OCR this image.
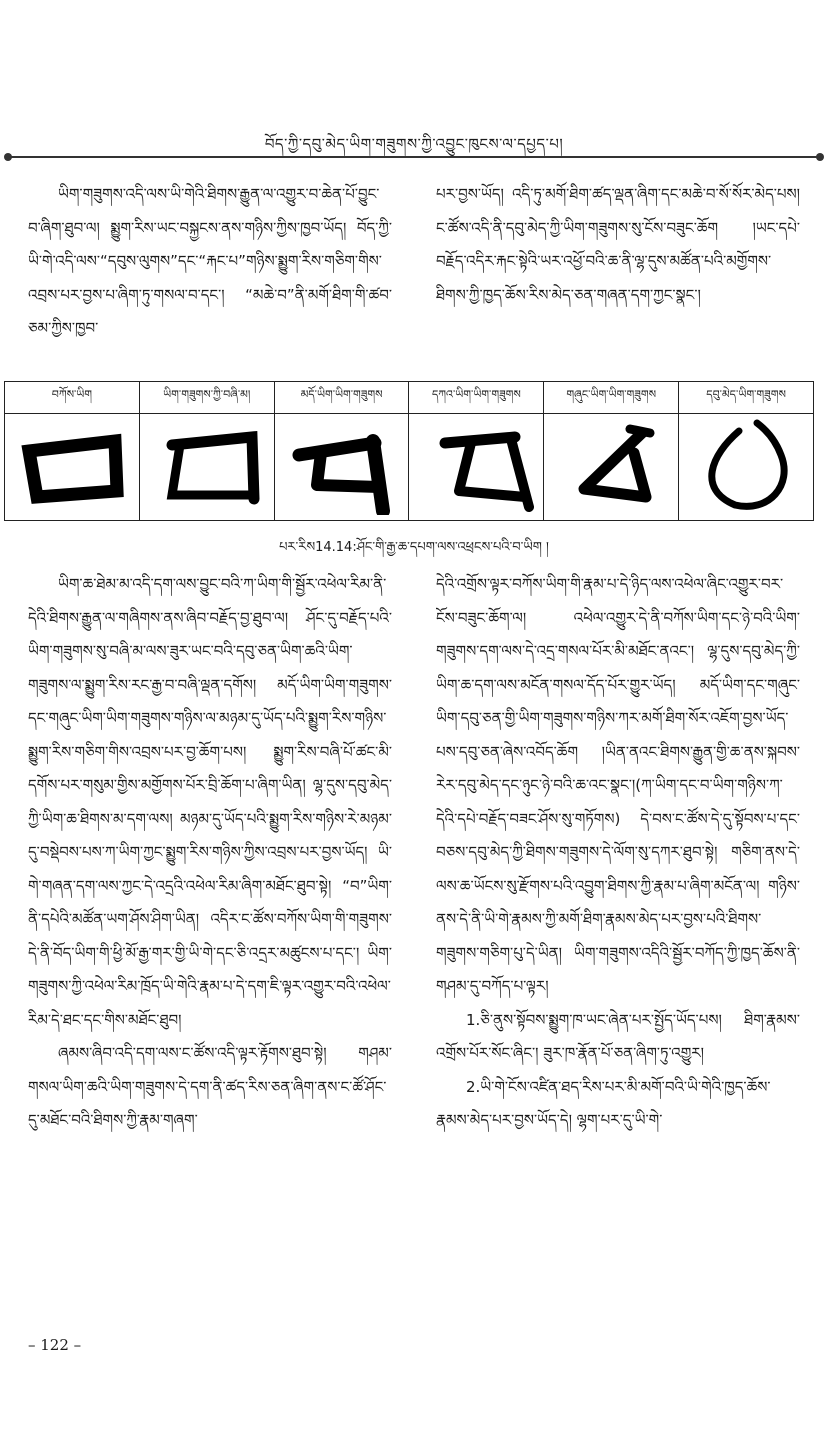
བོད་ཀྱི་དབུ་མེད་ཡིག་གཟུགས་ཀྱི་འབྱུང་ཁུངས་ལ་དཔྱད་པ།

ཡིག་གཟུགས་འདི་ལས་ཡི་གེའི་ཐིགས་རྒྱུན་ལ་འགྱུར་བ་ཆེན་པོ་བྱུང་བ་ཞིག་ཐུབ་ལ། སྨྱུག་རིས་ཡང་བསྐྱངས་ནས་གཉིས་ཀྱིས་ཁྱབ་ཡོད། བོད་ཀྱི་ཡི་གེ་འདི་ལས་“དབུས་ལུགས”དང་“རྐང་པ”གཉིས་སྨྱུག་རིས་གཅིག་གིས་འབྲས་པར་བྱས་པ་ཞིག་ཏུ་གསལ་བ་དང་། “མཆེ་བ”ནི་མགོ་ཐིག་གི་ཚབ་ཅམ་ཀྱིས་ཁྱབ་

པར་བྱས་ཡོད། འདི་ཏུ་མགོ་ཐིག་ཚད་ལྡན་ཞིག་དང་མཆེ་བ་སོ་སོར་མེད་པས། ང་ཚོས་འདི་ནི་དབུ་མེད་ཀྱི་ཡིག་གཟུགས་སུ་ངོས་བཟུང་ཆོག །ཡང་དཔེ་བརྗོད་འདིར་རྐང་སྟེའི་ཡར་འཕྱོ་བའི་ཆ་ནི་ལྷ་དུས་མཚོན་པའི་མགྱོགས་ཐིགས་ཀྱི་ཁྱད་ཆོས་རིས་མེད་ཅན་གཞན་དག་ཀྱང་སྣང་།

བཀོས་ཡིག	ཡིག་གཟུགས་ཀྱི་བཞི་མ།	མདོ་ཡིག་ཡིག་གཟུགས	དཀའ་ཡིག་ཡིག་གཟུགས	གཞུང་ཡིག་ཡིག་གཟུགས	དབུ་མེད་ཡིག་གཟུགས

པར་རིས14.14:ཤོང་གི་རྒྱ་ཆ་དཔག་ལས་འཕྲངས་པའི་བ་ཡིག །

ཡིག་ཆ་ཐེམ་མ་འདི་དག་ལས་བྱུང་བའི་ཀ་ཡིག་གི་སྦྱོར་འཕེལ་རིམ་ནི་དེའི་ཐིགས་རྒྱུན་ལ་གཞིགས་ནས་ཞིབ་བརྗོད་བྱ་ཐུབ་ལ། ཤོང་དུ་བརྗོད་པའི་ཡིག་གཟུགས་སུ་བཞི་མ་ལས་ཟུར་ཡང་བའི་དབུ་ཅན་ཡིག་ཆའི་ཡིག་གཟུགས་ལ་སྨྱུག་རིས་རང་རྒྱ་བ་བཞི་ལྡན་དགོས། མདོ་ཡིག་ཡིག་གཟུགས་དང་གཞུང་ཡིག་ཡིག་གཟུགས་གཉིས་ལ་མཉམ་དུ་ཡོད་པའི་སྨྱུག་རིས་གཉིས་སྨྱུག་རིས་གཅིག་གིས་འབྲས་པར་བྱ་ཆོག་པས། སྨྱུག་རིས་བཞི་པོ་ཚང་མི་དགོས་པར་གསུམ་གྱིས་མགྱོགས་པོར་བྲི་ཆོག་པ་ཞིག་ཡིན། ལྷ་དུས་དབུ་མེད་ཀྱི་ཡིག་ཆ་ཐིགས་མ་དག་ལས། མཉམ་དུ་ཡོད་པའི་སྨྱུག་རིས་གཉིས་རེ་མཉམ་དུ་བསྡེབས་པས་ཀ་ཡིག་ཀྱང་སྨྱུག་རིས་གཉིས་ཀྱིས་འབྲས་པར་བྱས་ཡོད། ཡི་གེ་གཞན་དག་ལས་ཀྱང་དེ་འདྲའི་འཕེལ་རིམ་ཞིག་མཐོང་ཐུབ་སྟེ། “བ”ཡིག་ནི་དཔེའི་མཚོན་ཡག་ཤོས་ཤིག་ཡིན། འདིར་ང་ཚོས་བཀོས་ཡིག་གི་གཟུགས་དེ་ནི་བོད་ཡིག་གི་ཕྱི་མོ་རྒྱ་གར་གྱི་ཡི་གེ་དང་ཅི་འདྲར་མཚུངས་པ་དང་། ཡིག་གཟུགས་ཀྱི་འཕེལ་རིམ་ཁྲོད་ཡི་གེའི་རྣམ་པ་དེ་དག་ཇི་ལྟར་འགྱུར་བའི་འཕེལ་རིམ་དེ་ཐང་དང་གིས་མཐོང་ཐུབ།

ཞམས་ཞིབ་འདི་དག་ལས་ང་ཚོས་འདི་ལྟར་རྟོགས་ཐུབ་སྟེ། གཤམ་གསལ་ཡིག་ཆའི་ཡིག་གཟུགས་དེ་དག་ནི་ཚད་རིས་ཅན་ཞིག་ནས་ང་ཚོ་ཤོང་དུ་མཐོང་བའི་ཐིགས་ཀྱི་རྣམ་གཞག་

དེའི་འགྲོས་ལྟར་བཀོས་ཡིག་གི་རྣམ་པ་དེ་ཉིད་ལས་འཕེལ་ཞིང་འགྱུར་བར་ངོས་བཟུང་ཆོག་ལ། འཕེལ་འགྱུར་དེ་ནི་བཀོས་ཡིག་དང་ཉེ་བའི་ཡིག་གཟུགས་དག་ལས་དེ་འདྲ་གསལ་པོར་མི་མཐོང་ནའང་། ལྷ་དུས་དབུ་མེད་ཀྱི་ཡིག་ཆ་དག་ལས་མངོན་གསལ་དོད་པོར་གྱུར་ཡོད། མདོ་ཡིག་དང་གཞུང་ཡིག་དབུ་ཅན་གྱི་ཡིག་གཟུགས་གཉིས་ཀར་མགོ་ཐིག་སོར་འཇོག་བྱས་ཡོད་པས་དབུ་ཅན་ཞེས་འབོད་ཆོག །ཡིན་ནའང་ཐིགས་རྒྱུན་གྱི་ཆ་ནས་སྐབས་རེར་དབུ་མེད་དང་ཉུང་ཉེ་བའི་ཆ་འང་སྣང་།(ཀ་ཡིག་དང་བ་ཡིག་གཉིས་ཀ་དེའི་དཔེ་བརྗོད་བཟང་ཤོས་སུ་གཏོགས) དེ་བས་ང་ཚོས་དེ་དུ་སྟོབས་པ་དང་བཅས་དབུ་མེད་ཀྱི་ཐིགས་གཟུགས་དེ་ལོག་སུ་དཀར་ཐུབ་སྟེ། གཅིག་ནས་དེ་ལས་ཆ་ཡོངས་སུ་རྫོགས་པའི་འབྱུག་ཐིགས་ཀྱི་རྣམ་པ་ཞིག་མངོན་ལ། གཉིས་ནས་དེ་ནི་ཡི་གེ་རྣམས་ཀྱི་མགོ་ཐིག་རྣམས་མེད་པར་བྱས་པའི་ཐིགས་གཟུགས་གཅིག་པུ་དེ་ཡིན། ཡིག་གཟུགས་འདིའི་སྦྱོར་བཀོད་ཀྱི་ཁྱད་ཆོས་ནི་གཤམ་དུ་བཀོད་པ་ལྟར།

1.ཅི་ནུས་སྟོབས་སྨྱུག་ཁ་ཡང་ཞེན་པར་སྤྱོད་ཡོད་པས། ཐིག་རྣམས་འགྲོས་པོར་སོང་ཞིང་། ཟུར་ཁ་རྣོན་པོ་ཅན་ཞིག་ཏུ་འགྱུར།

2.ཡི་གེ་ངོས་འཛིན་ཐད་རིས་པར་མི་མགོ་བའི་ཡི་གེའི་ཁྱད་ཆོས་རྣམས་མེད་པར་བྱས་ཡོད་དེ། ལྷག་པར་དུ་ཡི་གེ་

– 122 –
